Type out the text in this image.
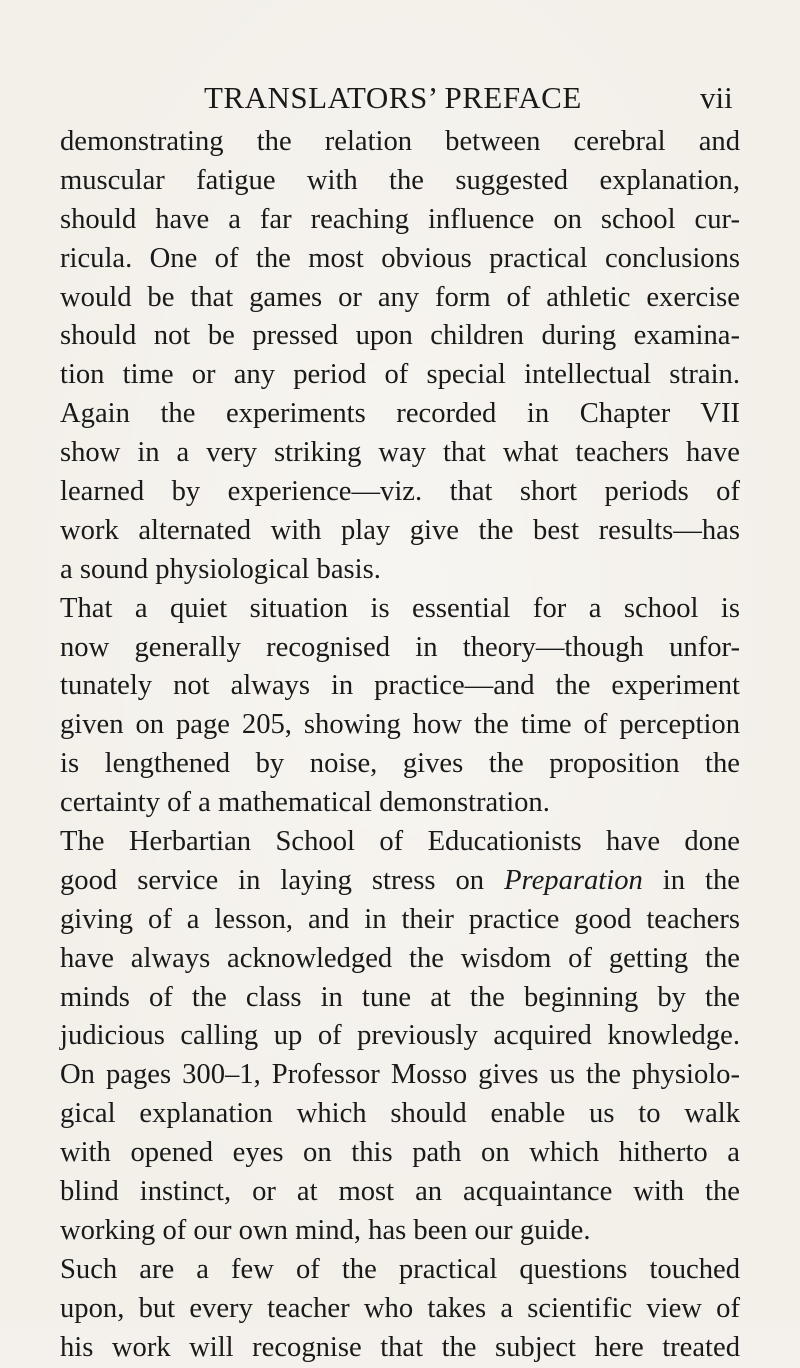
TRANSLATORS’ PREFACE	vii
demonstrating the relation between cerebral and
muscular fatigue with the suggested explanation,
should have a far reaching influence on school cur-
ricula. One of the most obvious practical conclusions
would be that games or any form of athletic exercise
should not be pressed upon children during examina-
tion time or any period of special intellectual strain.
Again the experiments recorded in Chapter VII
show in a very striking way that what teachers have
learned by experience—viz. that short periods of
work alternated with play give the best results—has
a sound physiological basis.
That a quiet situation is essential for a school is
now generally recognised in theory—though unfor-
tunately not always in practice—and the experiment
given on page 205, showing how the time of perception
is lengthened by noise, gives the proposition the
certainty of a mathematical demonstration.
The Herbartian School of Educationists have done
good service in laying stress on Preparation in the
giving of a lesson, and in their practice good teachers
have always acknowledged the wisdom of getting the
minds of the class in tune at the beginning by the
judicious calling up of previously acquired knowledge.
On pages 300–1, Professor Mosso gives us the physiolo-
gical explanation which should enable us to walk
with opened eyes on this path on which hitherto a
blind instinct, or at most an acquaintance with the
working of our own mind, has been our guide.
Such are a few of the practical questions touched
upon, but every teacher who takes a scientific view of
his work will recognise that the subject here treated
